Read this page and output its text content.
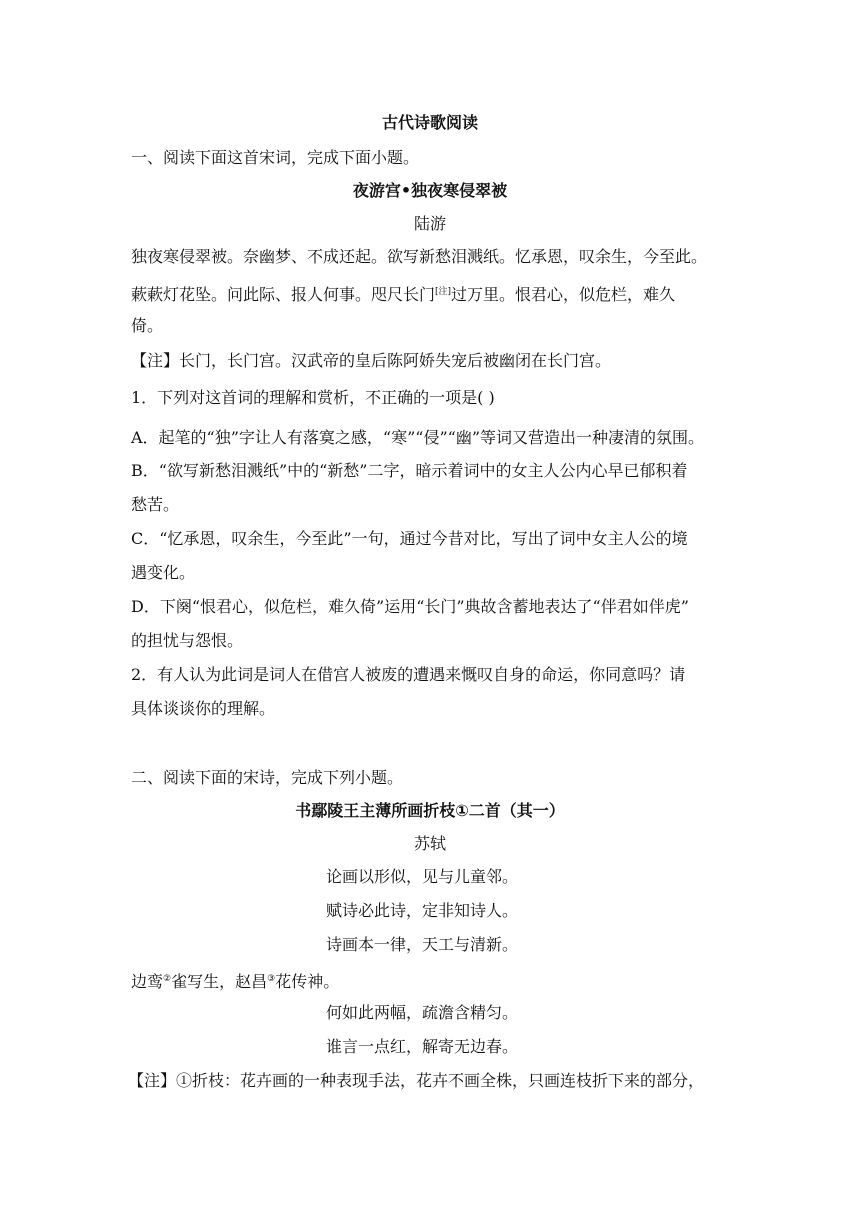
古代诗歌阅读
一、阅读下面这首宋词，完成下面小题。
夜游宫•独夜寒侵翠被
陆游
独夜寒侵翠被。奈幽梦、不成还起。欲写新愁泪溅纸。忆承恩，叹余生，今至此。
蔌蔌灯花坠。问此际、报人何事。咫尺长门[注]过万里。恨君心，似危栏，难久
倚。
【注】长门，长门宫。汉武帝的皇后陈阿娇失宠后被幽闭在长门宫。
1．下列对这首词的理解和赏析，不正确的一项是( )
A．起笔的“独”字让人有落寞之感，“寒”“侵”“幽”等词又营造出一种凄清的氛围。
B．“欲写新愁泪溅纸”中的“新愁”二字，暗示着词中的女主人公内心早已郁积着
愁苦。
C．“忆承恩，叹余生，今至此”一句，通过今昔对比，写出了词中女主人公的境
遇变化。
D．下阕“恨君心，似危栏，难久倚”运用“长门”典故含蓄地表达了“伴君如伴虎”
的担忧与怨恨。
2．有人认为此词是词人在借宫人被废的遭遇来慨叹自身的命运，你同意吗？请
具体谈谈你的理解。
二、阅读下面的宋诗，完成下列小题。
书鄢陵王主薄所画折枝①二首（其一）
苏轼
论画以形似，见与儿童邻。
赋诗必此诗，定非知诗人。
诗画本一律，天工与清新。
边鸾②雀写生，赵昌③花传神。
何如此两幅，疏澹含精匀。
谁言一点红，解寄无边春。
【注】①折枝：花卉画的一种表现手法，花卉不画全株，只画连枝折下来的部分，
